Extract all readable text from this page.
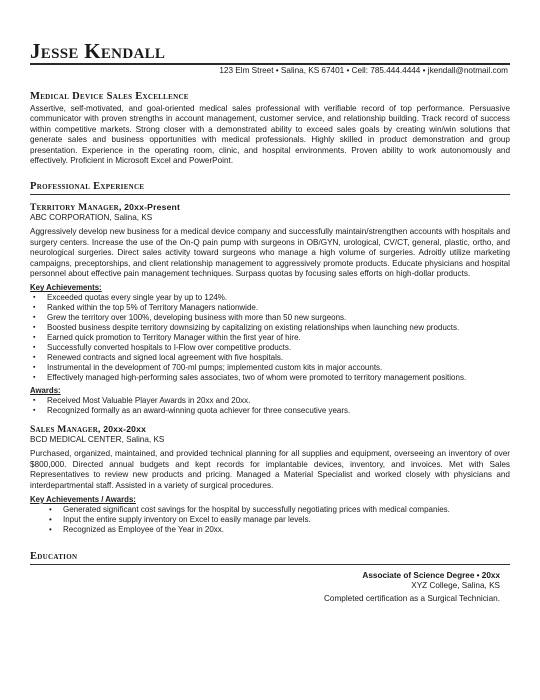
Jesse Kendall
123 Elm Street • Salina, KS 67401 • Cell: 785.444.4444 • jkendall@notmail.com
Medical Device Sales Excellence

Assertive, self-motivated, and goal-oriented medical sales professional with verifiable record of top performance. Persuasive communicator with proven strengths in account management, customer service, and relationship building. Track record of success within competitive markets. Strong closer with a demonstrated ability to exceed sales goals by creating win/win solutions that generate sales and business opportunities with medical professionals. Highly skilled in product demonstration and group presentation. Experience in the operating room, clinic, and hospital environments. Proven ability to work autonomously and effectively. Proficient in Microsoft Excel and PowerPoint.

Professional Experience
Territory Manager, 20xx-Present
ABC CORPORATION, Salina, KS

Aggressively develop new business for a medical device company and successfully maintain/strengthen accounts with hospitals and surgery centers. Increase the use of the On-Q pain pump with surgeons in OB/GYN, urological, CV/CT, general, plastic, ortho, and neurological surgeries. Direct sales activity toward surgeons who manage a high volume of surgeries. Adroitly utilize marketing campaigns, preceptorships, and client relationship management to aggressively promote products. Educate physicians and hospital personnel about effective pain management techniques. Surpass quotas by focusing sales efforts on high-dollar products.

Key Achievements:
▪ Exceeded quotas every single year by up to 124%.
▪ Ranked within the top 5% of Territory Managers nationwide.
▪ Grew the territory over 100%, developing business with more than 50 new surgeons.
▪ Boosted business despite territory downsizing by capitalizing on existing relationships when launching new products.
▪ Earned quick promotion to Territory Manager within the first year of hire.
▪ Successfully converted hospitals to I-Flow over competitive products.
▪ Renewed contracts and signed local agreement with five hospitals.
▪ Instrumental in the development of 700-ml pumps; implemented custom kits in major accounts.
▪ Effectively managed high-performing sales associates, two of whom were promoted to territory management positions.
Awards:
▪ Received Most Valuable Player Awards in 20xx and 20xx.
▪ Recognized formally as an award-winning quota achiever for three consecutive years.
Sales Manager, 20xx-20xx
BCD MEDICAL CENTER, Salina, KS

Purchased, organized, maintained, and provided technical planning for all supplies and equipment, overseeing an inventory of over $800,000. Directed annual budgets and kept records for implantable devices, inventory, and invoices. Met with Sales Representatives to review new products and pricing. Managed a Material Specialist and worked closely with physicians and interdepartmental staff. Assisted in a variety of surgical procedures.

Key Achievements / Awards:
• Generated significant cost savings for the hospital by successfully negotiating prices with medical companies.
• Input the entire supply inventory on Excel to easily manage par levels.
• Recognized as Employee of the Year in 20xx.
Education
Associate of Science Degree • 20xx
XYZ College, Salina, KS
Completed certification as a Surgical Technician.
